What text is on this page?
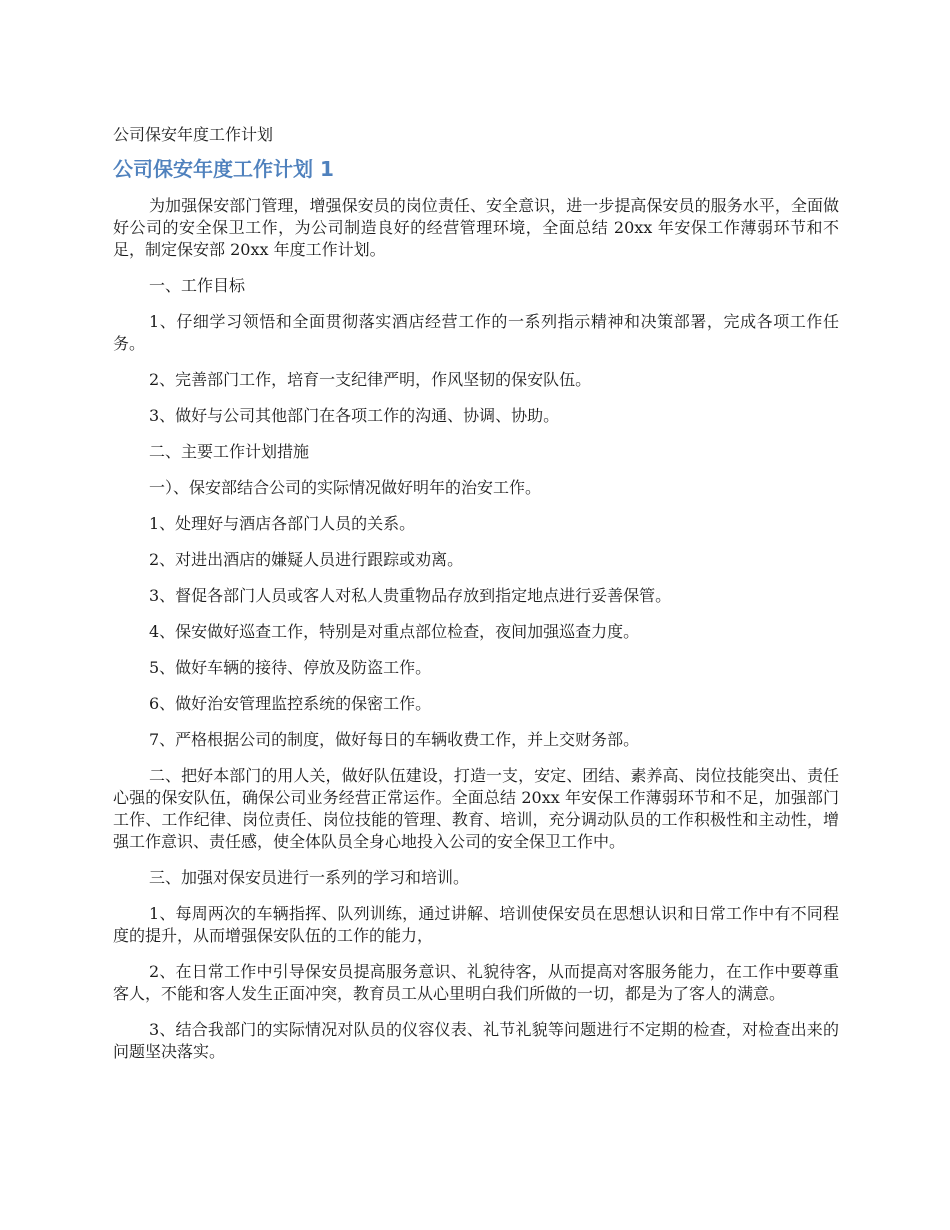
公司保安年度工作计划
公司保安年度工作计划 1

为加强保安部门管理，增强保安员的岗位责任、安全意识，进一步提高保安员的服务水平，全面做好公司的安全保卫工作，为公司制造良好的经营管理环境，全面总结 20xx 年安保工作薄弱环节和不足，制定保安部 20xx 年度工作计划。

一、工作目标

1、仔细学习领悟和全面贯彻落实酒店经营工作的一系列指示精神和决策部署，完成各项工作任务。

2、完善部门工作，培育一支纪律严明，作风坚韧的保安队伍。

3、做好与公司其他部门在各项工作的沟通、协调、协助。

二、主要工作计划措施

一）、保安部结合公司的实际情况做好明年的治安工作。

1、处理好与酒店各部门人员的关系。

2、对进出酒店的嫌疑人员进行跟踪或劝离。

3、督促各部门人员或客人对私人贵重物品存放到指定地点进行妥善保管。

4、保安做好巡查工作，特别是对重点部位检查，夜间加强巡查力度。

5、做好车辆的接待、停放及防盗工作。

6、做好治安管理监控系统的保密工作。

7、严格根据公司的制度，做好每日的车辆收费工作，并上交财务部。

二、把好本部门的用人关，做好队伍建设，打造一支，安定、团结、素养高、岗位技能突出、责任心强的保安队伍，确保公司业务经营正常运作。全面总结 20xx 年安保工作薄弱环节和不足，加强部门工作、工作纪律、岗位责任、岗位技能的管理、教育、培训，充分调动队员的工作积极性和主动性，增强工作意识、责任感，使全体队员全身心地投入公司的安全保卫工作中。

三、加强对保安员进行一系列的学习和培训。

1、每周两次的车辆指挥、队列训练，通过讲解、培训使保安员在思想认识和日常工作中有不同程度的提升，从而增强保安队伍的工作的能力，

2、在日常工作中引导保安员提高服务意识、礼貌待客，从而提高对客服务能力，在工作中要尊重客人，不能和客人发生正面冲突，教育员工从心里明白我们所做的一切，都是为了客人的满意。

3、结合我部门的实际情况对队员的仪容仪表、礼节礼貌等问题进行不定期的检查，对检查出来的问题坚决落实。
